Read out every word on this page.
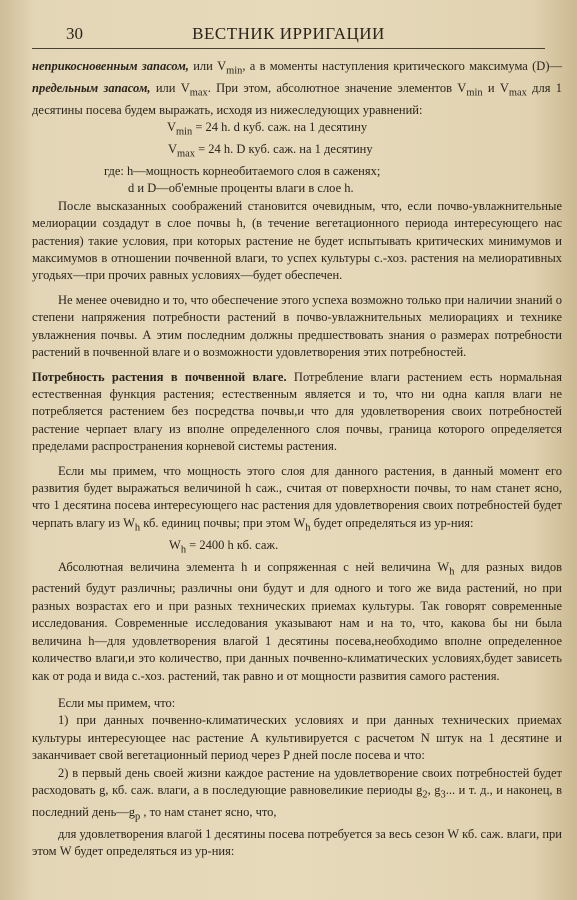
30	ВЕСТНИК ИРРИГАЦИИ

неприкосновенным запасом, или $V_{min}$, а в моменты наступления критического максимума (D)—предельным запасом, или $V_{max}$. При этом, абсолютное значение элементов $V_{min}$ и $V_{max}$ для 1 десятины посева будем выражать, исходя из нижеследующих уравнений:

$V_{min} = 24$ h. d куб. саж. на 1 десятину

$V_{max} = 24$ h. D куб. саж. на 1 десятину

где: h—мощность корнеобитаемого слоя в саженях;

d и D—об'емные проценты влаги в слое h.

После высказанных соображений становится очевидным, что, если почво-увлажнительные мелиорации создадут в слое почвы h, (в течение вегетационного периода интересующего нас растения) такие условия, при которых растение не будет испытывать критических минимумов и максимумов в отношении почвенной влаги, то успех культуры с.-хоз. растения на мелиоративных угодьях—при прочих равных условиях—будет обеспечен.

Не менее очевидно и то, что обеспечение этого успеха возможно только при наличии знаний о степени напряжения потребности растений в почво-увлажнительных мелиорациях и технике увлажнения почвы. А этим последним должны предшествовать знания о размерах потребности растений в почвенной влаге и о возможности удовлетворения этих потребностей.

Потребность растения в почвенной влаге. Потребление влаги растением есть нормальная естественная функция растения; естественным является и то, что ни одна капля влаги не потребляется растением без посредства почвы,и что для удовлетворения своих потребностей растение черпает влагу из вполне определенного слоя почвы, граница которого определяется пределами распространения корневой системы растения.

Если мы примем, что мощность этого слоя для данного растения, в данный момент его развития будет выражаться величиной h саж., считая от поверхности почвы, то нам станет ясно, что 1 десятина посева интересующего нас растения для удовлетворения своих потребностей будет черпать влагу из $W_h$ кб. единиц почвы; при этом $W_h$ будет определяться из ур-ния:

$W_h = 2400$ h кб. саж.

Абсолютная величина элемента h и сопряженная с ней величина $W_h$ для разных видов растений будут различны; различны они будут и для одного и того же вида растений, но при разных возрастах его и при разных технических приемах культуры. Так говорят современные исследования. Современные исследования указывают нам и на то, что, какова бы ни была величина h—для удовлетворения влагой 1 десятины посева,необходимо вполне определенное количество влаги,и это количество, при данных почвенно-климатических условиях,будет зависеть как от рода и вида с.-хоз. растений, так равно и от мощности развития самого растения.

Если мы примем, что:

1) при данных почвенно-климатических условиях и при данных технических приемах культуры интересующее нас растение А культивируется с расчетом N штук на 1 десятине и заканчивает свой вегетационный период через P дней после посева и что:

2) в первый день своей жизни каждое растение на удовлетворение своих потребностей будет расходовать g, кб. саж. влаги, а в последующие равновеликие периоды $g_2$, $g_3$... и т. д., и наконец, в последний $день—g_p$ , то нам станет ясно, что,

для удовлетворения влагой 1 десятины посева потребуется за весь сезон W кб. саж. влаги, при этом W будет определяться из ур-ния:
